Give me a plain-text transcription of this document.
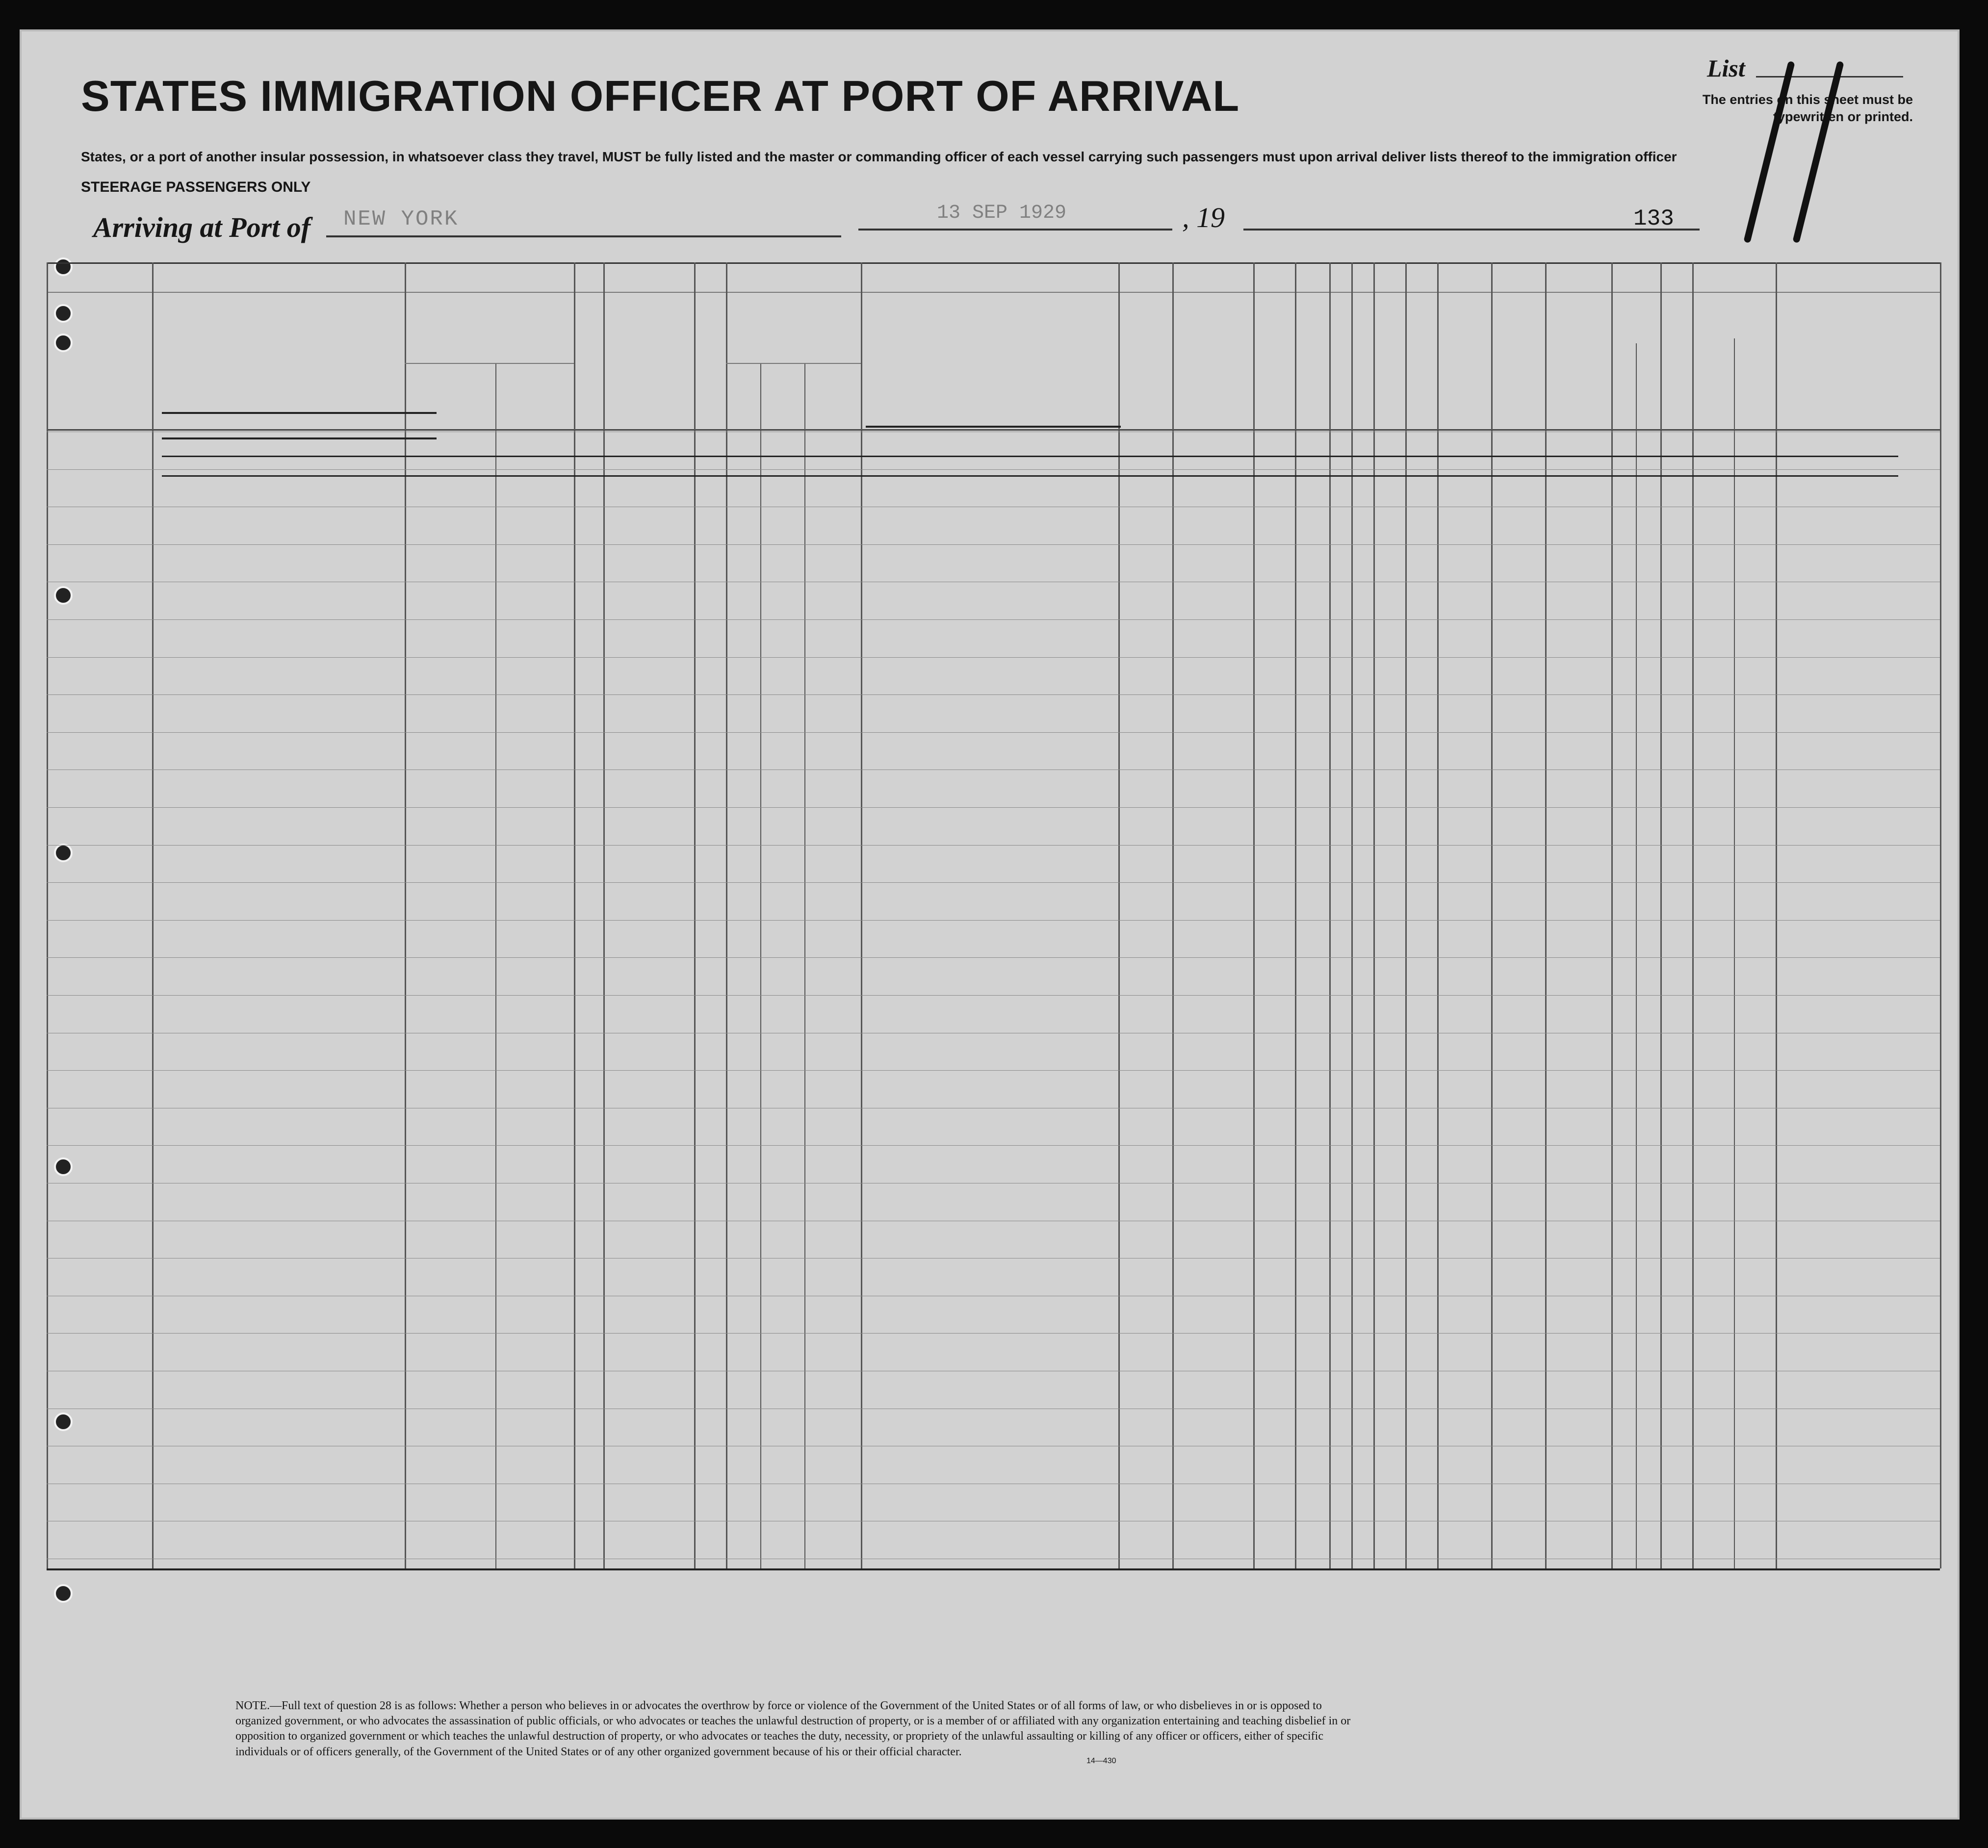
STATES IMMIGRATION OFFICER AT PORT OF ARRIVAL
States, or a port of another insular possession, in whatsoever class they travel, MUST be fully listed and the master or commanding officer of each vessel carrying such passengers must upon arrival deliver lists thereof to the immigration officer
STEERAGE PASSENGERS ONLY
Arriving at Port of NEW YORK	13 SEP 1929	, 19	133
List
The entries on this sheet must be typewritten or printed.
NOTE.—Full text of question 28 is as follows: Whether a person who believes in or advocates the overthrow by force or violence of the Government of the United States or of all forms of law, or who disbelieves in or is opposed to organized government, or who advocates the assassination of public officials, or who advocates or teaches the unlawful destruction of property, or is a member of or affiliated with any organization entertaining and teaching disbelief in or opposition to organized government or which teaches the unlawful destruction of property, or who advocates or teaches the duty, necessity, or propriety of the unlawful assaulting or killing of any officer or officers, either of specific individuals or of officers generally, of the Government of the United States or of any other organized government because of his or their official character.
14—430
